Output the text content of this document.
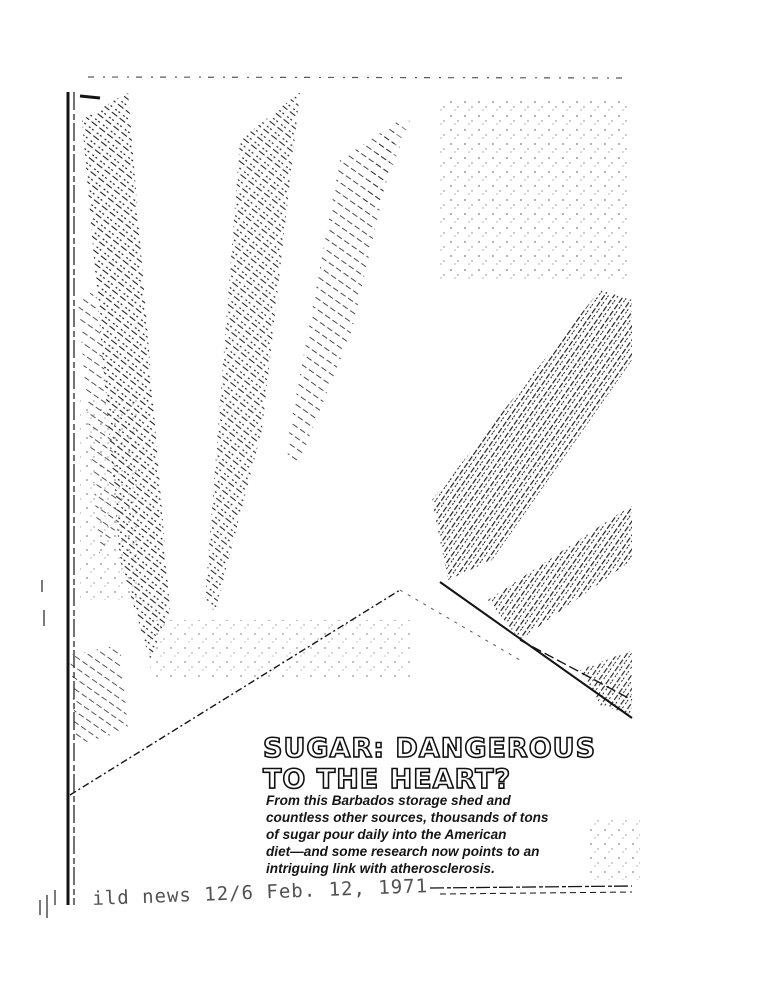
SUGAR: DANGEROUS
TO THE HEART?

From this Barbados storage shed and
countless other sources, thousands of tons
of sugar pour daily into the American
diet—and some research now points to an
intriguing link with atherosclerosis.

ild news 12/6 Feb. 12, 1971
